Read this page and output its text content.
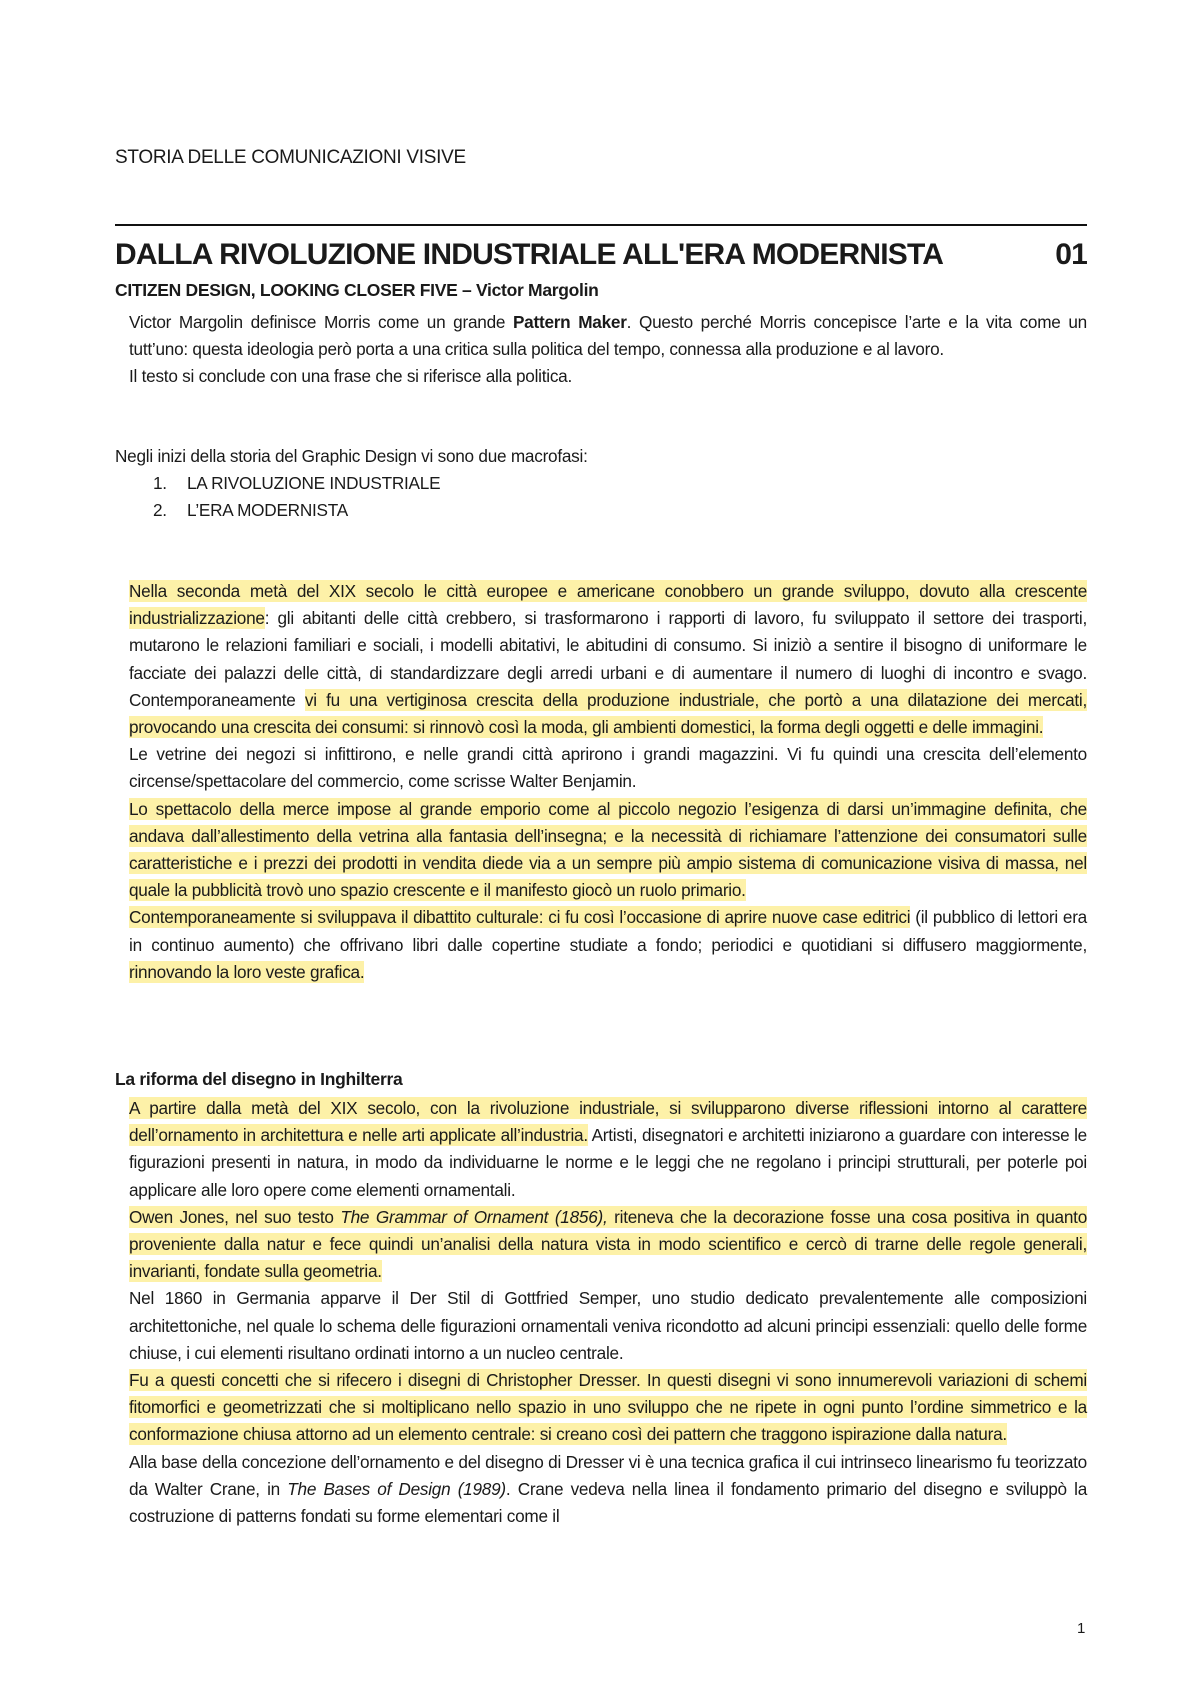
STORIA DELLE COMUNICAZIONI VISIVE
DALLA RIVOLUZIONE INDUSTRIALE ALL'ERA MODERNISTA	01
CITIZEN DESIGN, LOOKING CLOSER FIVE – Victor Margolin
Victor Margolin definisce Morris come un grande Pattern Maker. Questo perché Morris concepisce l’arte e la vita come un tutt’uno: questa ideologia però porta a una critica sulla politica del tempo, connessa alla produzione e al lavoro.
Il testo si conclude con una frase che si riferisce alla politica.
Negli inizi della storia del Graphic Design vi sono due macrofasi:
1.	LA RIVOLUZIONE INDUSTRIALE
2.	L’ERA MODERNISTA
Nella seconda metà del XIX secolo le città europee e americane conobbero un grande sviluppo, dovuto alla crescente industrializzazione: gli abitanti delle città crebbero, si trasformarono i rapporti di lavoro, fu sviluppato il settore dei trasporti, mutarono le relazioni familiari e sociali, i modelli abitativi, le abitudini di consumo. Si iniziò a sentire il bisogno di uniformare le facciate dei palazzi delle città, di standardizzare degli arredi urbani e di aumentare il numero di luoghi di incontro e svago. Contemporaneamente vi fu una vertiginosa crescita della produzione industriale, che portò a una dilatazione dei mercati, provocando una crescita dei consumi: si rinnovò così la moda, gli ambienti domestici, la forma degli oggetti e delle immagini.
Le vetrine dei negozi si infittirono, e nelle grandi città aprirono i grandi magazzini. Vi fu quindi una crescita dell’elemento circense/spettacolare del commercio, come scrisse Walter Benjamin.
Lo spettacolo della merce impose al grande emporio come al piccolo negozio l’esigenza di darsi un’immagine definita, che andava dall’allestimento della vetrina alla fantasia dell’insegna; e la necessità di richiamare l’attenzione dei consumatori sulle caratteristiche e i prezzi dei prodotti in vendita diede via a un sempre più ampio sistema di comunicazione visiva di massa, nel quale la pubblicità trovò uno spazio crescente e il manifesto giocò un ruolo primario.
Contemporaneamente si sviluppava il dibattito culturale: ci fu così l’occasione di aprire nuove case editrici (il pubblico di lettori era in continuo aumento) che offrivano libri dalle copertine studiate a fondo; periodici e quotidiani si diffusero maggiormente, rinnovando la loro veste grafica.
La riforma del disegno in Inghilterra
A partire dalla metà del XIX secolo, con la rivoluzione industriale, si svilupparono diverse riflessioni intorno al carattere dell’ornamento in architettura e nelle arti applicate all’industria. Artisti, disegnatori e architetti iniziarono a guardare con interesse le figurazioni presenti in natura, in modo da individuarne le norme e le leggi che ne regolano i principi strutturali, per poterle poi applicare alle loro opere come elementi ornamentali.
Owen Jones, nel suo testo The Grammar of Ornament (1856), riteneva che la decorazione fosse una cosa positiva in quanto proveniente dalla natur e fece quindi un’analisi della natura vista in modo scientifico e cercò di trarne delle regole generali, invarianti, fondate sulla geometria.
Nel 1860 in Germania apparve il Der Stil di Gottfried Semper, uno studio dedicato prevalentemente alle composizioni architettoniche, nel quale lo schema delle figurazioni ornamentali veniva ricondotto ad alcuni principi essenziali: quello delle forme chiuse, i cui elementi risultano ordinati intorno a un nucleo centrale.
Fu a questi concetti che si rifecero i disegni di Christopher Dresser. In questi disegni vi sono innumerevoli variazioni di schemi fitomorfici e geometrizzati che si moltiplicano nello spazio in uno sviluppo che ne ripete in ogni punto l’ordine simmetrico e la conformazione chiusa attorno ad un elemento centrale: si creano così dei pattern che traggono ispirazione dalla natura.
Alla base della concezione dell’ornamento e del disegno di Dresser vi è una tecnica grafica il cui intrinseco linearismo fu teorizzato da Walter Crane, in The Bases of Design (1989). Crane vedeva nella linea il fondamento primario del disegno e sviluppò la costruzione di patterns fondati su forme elementari come il
1
